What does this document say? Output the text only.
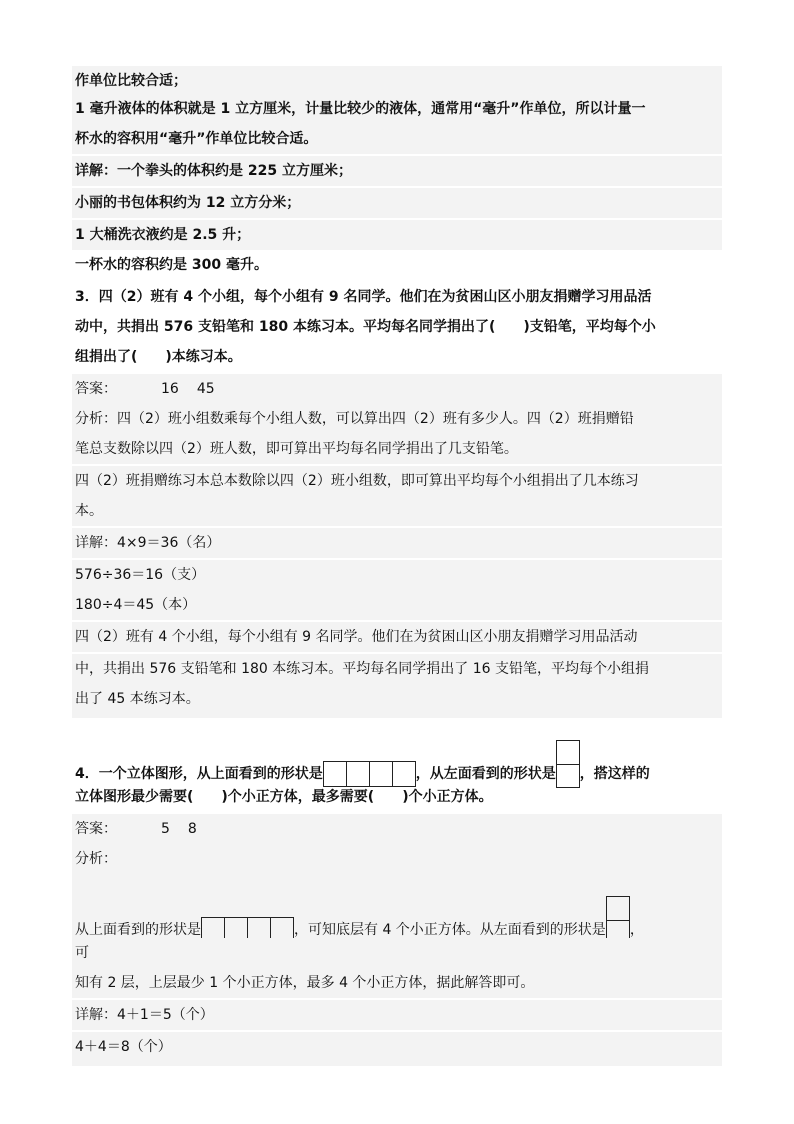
作单位比较合适；
1 毫升液体的体积就是 1 立方厘米，计量比较少的液体，通常用“毫升”作单位，所以计量一
杯水的容积用“毫升”作单位比较合适。
详解：一个拳头的体积约是 225 立方厘米；
小丽的书包体积约为 12 立方分米；
1 大桶洗衣液约是 2.5 升；
一杯水的容积约是 300 毫升。
3．四（2）班有 4 个小组，每个小组有 9 名同学。他们在为贫困山区小朋友捐赠学习用品活
动中，共捐出 576 支铅笔和 180 本练习本。平均每名同学捐出了(　　)支铅笔，平均每个小
组捐出了(　　)本练习本。
答案：	16 45
分析：四（2）班小组数乘每个小组人数，可以算出四（2）班有多少人。四（2）班捐赠铅
笔总支数除以四（2）班人数，即可算出平均每名同学捐出了几支铅笔。
四（2）班捐赠练习本总本数除以四（2）班小组数，即可算出平均每个小组捐出了几本练习
本。
详解：4×9＝36（名）
576÷36＝16（支）
180÷4＝45（本）
四（2）班有 4 个小组，每个小组有 9 名同学。他们在为贫困山区小朋友捐赠学习用品活动
中，共捐出 576 支铅笔和 180 本练习本。平均每名同学捐出了 16 支铅笔，平均每个小组捐
出了 45 本练习本。
4．一个立体图形，从上面看到的形状是	，从左面看到的形状是 ，搭这样的
立体图形最少需要(　　)个小正方体，最多需要(　　)个小正方体。
答案：	5 8
分析：
从上面看到的形状是	，可知底层有 4 个小正方体。从左面看到的形状是 ，
可
知有 2 层，上层最少 1 个小正方体，最多 4 个小正方体，据此解答即可。
详解：4＋1＝5（个）
4＋4＝8（个）
